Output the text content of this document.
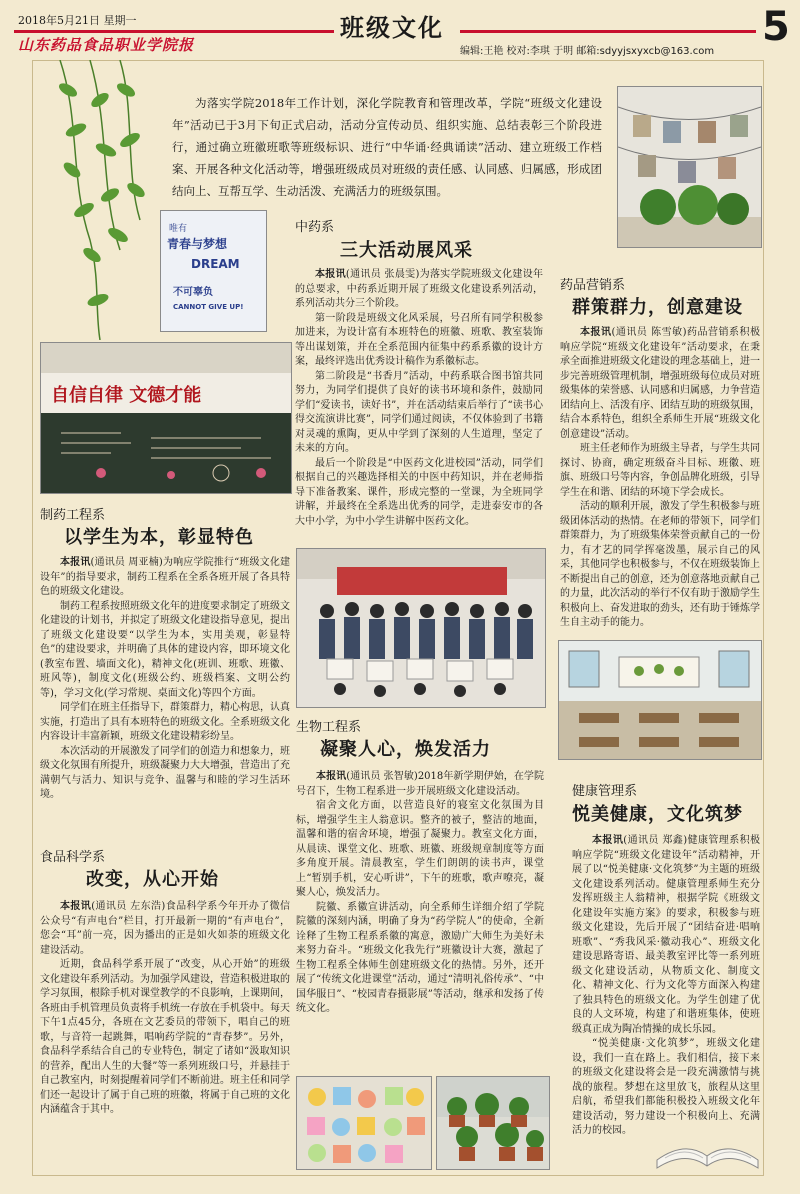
2018年5月21日 星期一
山东药品食品职业学院报
班级文化	5
编辑:王艳 校对:李琪 于明 邮箱:sdyyjsxyxcb@163.com
为落实学院2018年工作计划，深化学院教育和管理改革，学院“班级文化建设年”活动已于3月下旬正式启动，活动分宣传动员、组织实施、总结表彰三个阶段进行，通过确立班徽班歌等班级标识、进行“中华诵·经典诵读”活动、建立班级工作档案、开展各种文化活动等，增强班级成员对班级的责任感、认同感、归属感，形成团结向上、互帮互学、生动活泼、充满活力的班级氛围。
唯有
青春与梦想
DREAM
不可辜负
CANNOT GIVE UP!
自信自律 文德才能
中药系
三大活动展风采

本报讯(通讯员 张晨雯)为落实学院班级文化建设年的总要求，中药系近期开展了班级文化建设系列活动，系列活动共分三个阶段。

第一阶段是班级文化风采展，号召所有同学积极参加进来，为设计富有本班特色的班徽、班歌、教室装饰等出谋划策，并在全系范围内征集中药系系徽的设计方案，最终评选出优秀设计稿作为系徽标志。

第二阶段是“书香月”活动，中药系联合图书馆共同努力，为同学们提供了良好的读书环境和条件，鼓励同学们“爱读书，读好书”，并在活动结束后举行了“读书心得交流演讲比赛”，同学们通过阅读，不仅体验到了书籍对灵魂的熏陶，更从中学到了深刻的人生道理，坚定了未来的方向。

最后一个阶段是“中医药文化进校园”活动，同学们根据自己的兴趣选择相关的中医中药知识，并在老师指导下准备教案、课件，形成完整的一堂课，为全班同学讲解，并最终在全系选出优秀的同学，走进泰安市的各大中小学，为中小学生讲解中医药文化。

药品营销系
群策群力，创意建设

本报讯(通讯员 陈雪敏)药品营销系积极响应学院“班级文化建设年”活动要求，在秉承全面推进班级文化建设的理念基础上，进一步完善班级管理机制，增强班级每位成员对班级集体的荣誉感、认同感和归属感，力争营造团结向上、活泼有序、团结互助的班级氛围，结合本系特色，组织全系师生开展“班级文化创意建设”活动。

班主任老师作为班级主导者，与学生共同探讨、协商，确定班级奋斗目标、班徽、班旗、班级口号等内容，争创品牌化班级，引导学生在和谐、团结的环境下学会成长。

活动的顺利开展，激发了学生积极参与班级团体活动的热情。在老师的带领下，同学们群策群力，为了班级集体荣誉贡献自己的一份力，有才艺的同学挥毫泼墨，展示自己的风采，其他同学也积极参与，不仅在班级装饰上不断提出自己的创意，还为创意落地贡献自己的力量，此次活动的举行不仅有助于激励学生积极向上、奋发进取的劲头，还有助于锤炼学生自主动手的能力。

制药工程系
以学生为本，彰显特色

本报讯(通讯员 周亚楠)为响应学院推行“班级文化建设年”的指导要求，制药工程系在全系各班开展了各具特色的班级文化建设。

制药工程系按照班级文化年的进度要求制定了班级文化建设的计划书，并拟定了班级文化建设指导意见，提出了班级文化建设要“以学生为本，实用美观，彰显特色”的建设要求，并明确了具体的建设内容，即环境文化(教室布置、墙面文化)，精神文化(班训、班歌、班徽、班风等)，制度文化(班级公约、班级档案、文明公约等)，学习文化(学习常规、桌面文化)等四个方面。

同学们在班主任指导下，群策群力，精心构思，认真实施，打造出了具有本班特色的班级文化。全系班级文化内容设计丰富新颖，班级文化建设精彩纷呈。

本次活动的开展激发了同学们的创造力和想象力，班级文化氛围有所提升，班级凝聚力大大增强，营造出了充满朝气与活力、知识与竞争、温馨与和睦的学习生活环境。

生物工程系
凝聚人心，焕发活力

本报讯(通讯员 张智敏)2018年新学期伊始，在学院号召下，生物工程系进一步开展班级文化建设活动。

宿舍文化方面，以营造良好的寝室文化氛围为目标，增强学生主人翁意识。整齐的被子，整洁的地面，温馨和谐的宿舍环境，增强了凝聚力。教室文化方面，从晨读、课堂文化、班歌、班徽、班级规章制度等方面多角度开展。清晨教室，学生们朗朗的读书声，课堂上“暂别手机，安心听讲”，下午的班歌，歌声嘹亮，凝聚人心，焕发活力。

院徽、系徽宣讲活动，向全系师生详细介绍了学院院徽的深刻内涵，明确了身为“药学院人”的使命，全新诠释了生物工程系系徽的寓意，激励广大师生为美好未来努力奋斗。“班级文化我先行”班徽设计大赛，激起了生物工程系全体师生创建班级文化的热情。另外，还开展了“传统文化进课堂”活动，通过“清明礼俗传承”、“中国华服日”、“校园青春摄影展”等活动，继承和发扬了传统文化。

健康管理系
悦美健康，文化筑梦

本报讯(通讯员 郑鑫)健康管理系积极响应学院“班级文化建设年”活动精神，开展了以“悦美健康·文化筑梦”为主题的班级文化建设系列活动。健康管理系师生充分发挥班级主人翁精神，根据学院《班级文化建设年实施方案》的要求，积极参与班级文化建设，先后开展了“团结奋进·唱响班歌”、“秀我风采·徽动我心”、班级文化建设思路寄语、最美教室评比等一系列班级文化建设活动，从物质文化、制度文化、精神文化、行为文化等方面深入构建了独具特色的班级文化。为学生创建了优良的人文环境，构建了和谐班集体，使班级真正成为陶冶情操的成长乐园。

“悦美健康·文化筑梦”，班级文化建设，我们一直在路上。我们相信，接下来的班级文化建设将会是一段充满激情与挑战的旅程。梦想在这里放飞，旅程从这里启航，希望我们都能积极投入班级文化年建设活动，努力建设一个积极向上、充满活力的校园。

食品科学系
改变，从心开始

本报讯(通讯员 左东浩)食品科学系今年开办了微信公众号“有声电台”栏目，打开最新一期的“有声电台”，您会“耳”前一亮，因为播出的正是如火如荼的班级文化建设活动。

近期，食品科学系开展了“改变，从心开始”的班级文化建设年系列活动。为加强学风建设，营造积极进取的学习氛围，根除手机对课堂教学的不良影响，上课期间，各班由手机管理员负责将手机统一存放在手机袋中。每天下午1点45分，各班在文艺委员的带领下，唱自己的班歌，与音符一起跳舞，唱响药学院的“青春梦”。另外，食品科学系结合自己的专业特色，制定了诸如“汲取知识的营养，配出人生的大餐”等一系列班级口号，并悬挂于自己教室内，时刻提醒着同学们不断前进。班主任和同学们还一起设计了属于自己班的班徽，将属于自己班的文化内涵蕴含于其中。
